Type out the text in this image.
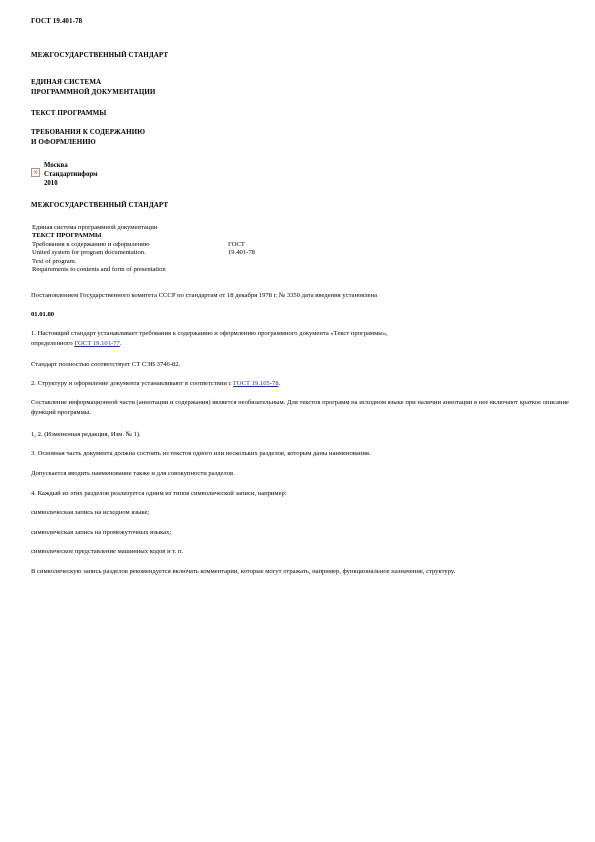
ГОСТ 19.401-78
МЕЖГОСУДАРСТВЕННЫЙ СТАНДАРТ
ЕДИНАЯ СИСТЕМА
ПРОГРАММНОЙ ДОКУМЕНТАЦИИ
ТЕКСТ ПРОГРАММЫ
ТРЕБОВАНИЯ К СОДЕРЖАНИЮ
И ОФОРМЛЕНИЮ
×
Москва
Стандартинформ
2010
МЕЖГОСУДАРСТВЕННЫЙ СТАНДАРТ
Единая система программной документации
ТЕКСТ ПРОГРАММЫ
Требования к содержанию и оформлению	ГОСТ
United system for program documentation.	19.401-78
Text of program.
Requirements to contents and form of presentation
Постановлением Государственного комитета СССР по стандартам от 18 декабря 1978 г. № 3350 дата введения установлена
01.01.80
1. Настоящий стандарт устанавливает требования к содержанию и оформлению программного документа «Текст программы»,
определенного ГОСТ 19.101-77.
Стандарт полностью соответствует СТ СЭВ 3746-82.
2. Структуру и оформление документа устанавливают в соответствии с ГОСТ 19.105-78.
Составление информационной части (аннотации и содержания) является необязательным. Для текстов программ на исходном языке при наличии аннотации в нее включают краткое описание функций программы.
1, 2. (Измененная редакция, Изм. № 1).
3. Основная часть документа должна состоять из текстов одного или нескольких разделов, которым даны наименования.
Допускается вводить наименование также и для совокупности разделов.
4. Каждый из этих разделов реализуется одним из типов символической записи, например:
символическая запись на исходном языке;
символическая запись на промежуточных языках;
символическое представление машинных кодов и т. п.
В символическую запись разделов рекомендуется включать комментарии, которые могут отражать, например, функциональное назначение, структуру.
